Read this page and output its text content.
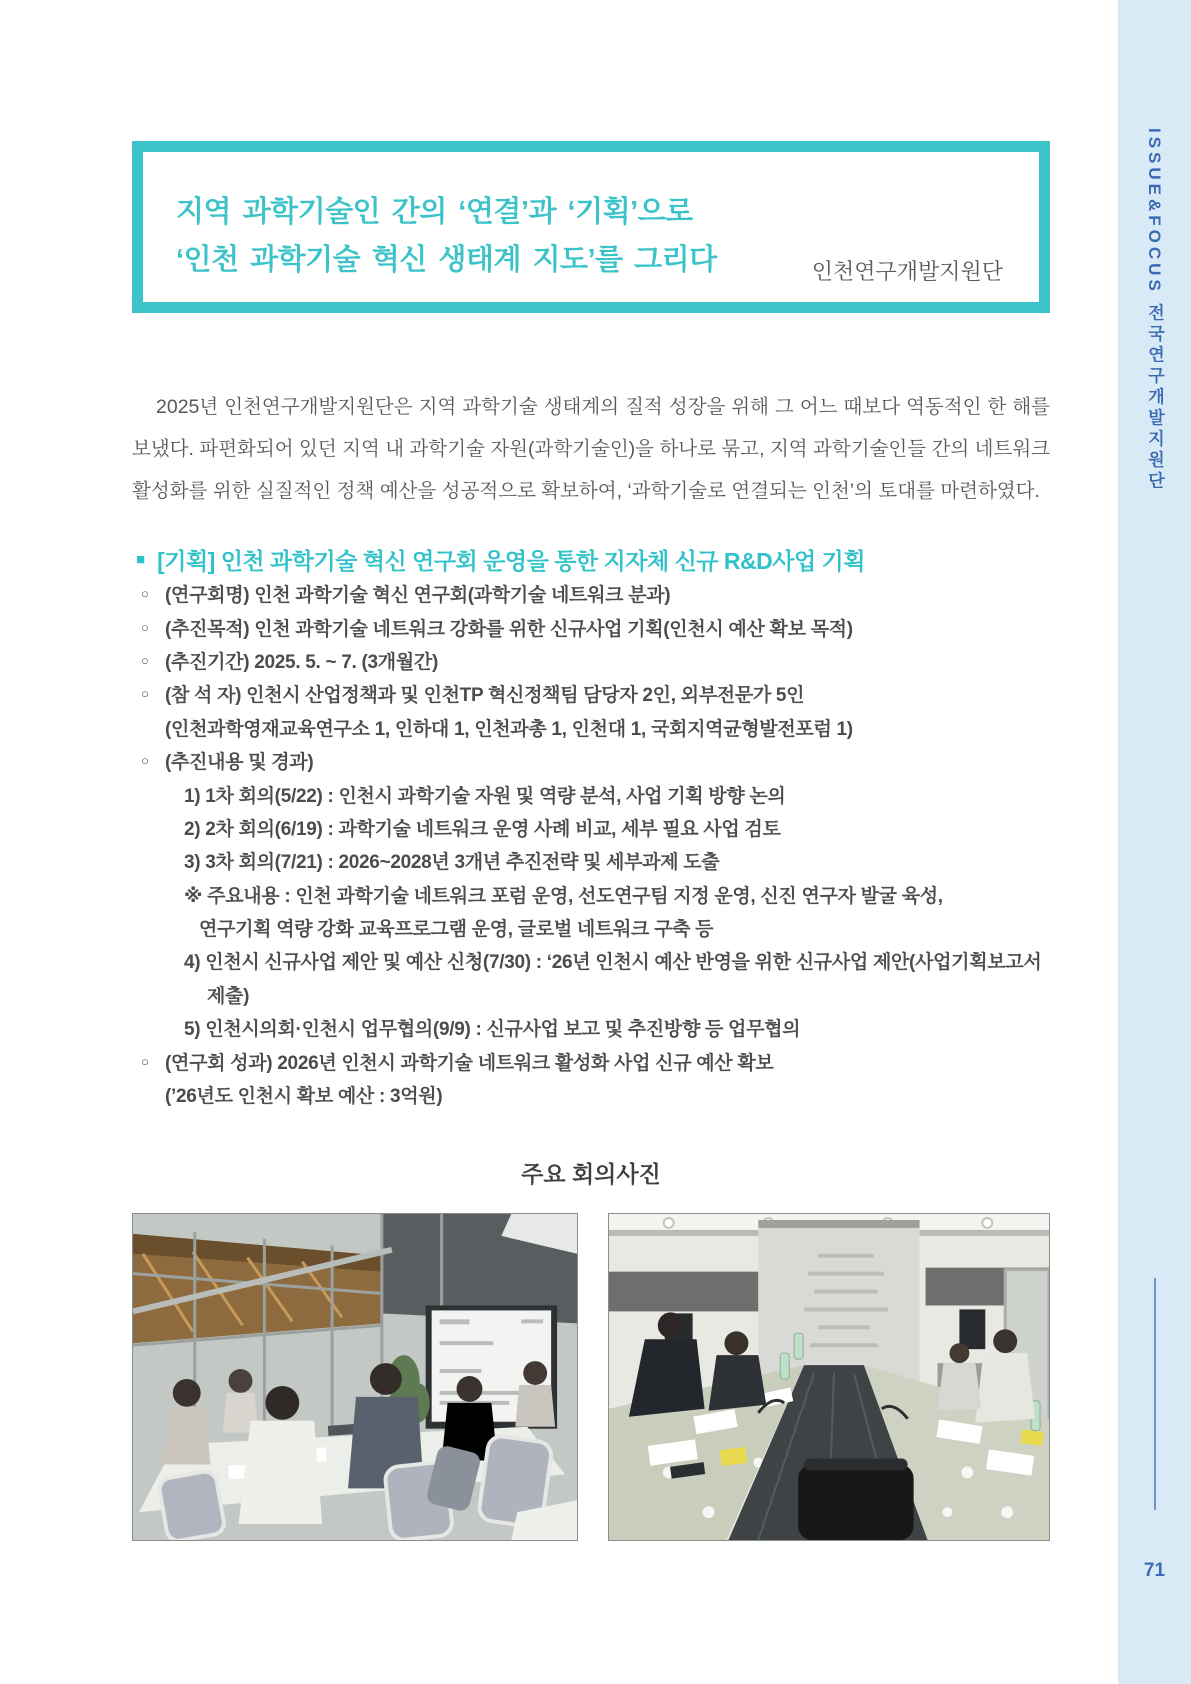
ISSUE&FOCUS 전국연구개발지원단
71
지역 과학기술인 간의 ‘연결’과 ‘기획’으로
‘인천 과학기술 혁신 생태계 지도’를 그리다	인천연구개발지원단

2025년 인천연구개발지원단은 지역 과학기술 생태계의 질적 성장을 위해 그 어느 때보다 역동적인 한 해를 보냈다. 파편화되어 있던 지역 내 과학기술 자원(과학기술인)을 하나로 묶고, 지역 과학기술인들 간의 네트워크 활성화를 위한 실질적인 정책 예산을 성공적으로 확보하여, ‘과학기술로 연결되는 인천’의 토대를 마련하였다.

■ [기획] 인천 과학기술 혁신 연구회 운영을 통한 지자체 신규 R&D사업 기획
○ (연구회명) 인천 과학기술 혁신 연구회(과학기술 네트워크 분과)
○ (추진목적) 인천 과학기술 네트워크 강화를 위한 신규사업 기획(인천시 예산 확보 목적)
○ (추진기간) 2025. 5. ~ 7. (3개월간)
○ (참 석 자) 인천시 산업정책과 및 인천TP 혁신정책팀 담당자 2인, 외부전문가 5인
(인천과학영재교육연구소 1, 인하대 1, 인천과총 1, 인천대 1, 국회지역균형발전포럼 1)
○ (추진내용 및 경과)
1) 1차 회의(5/22) : 인천시 과학기술 자원 및 역량 분석, 사업 기획 방향 논의
2) 2차 회의(6/19) : 과학기술 네트워크 운영 사례 비교, 세부 필요 사업 검토
3) 3차 회의(7/21) : 2026~2028년 3개년 추진전략 및 세부과제 도출
※ 주요내용 : 인천 과학기술 네트워크 포럼 운영, 선도연구팀 지정 운영, 신진 연구자 발굴 육성,
연구기획 역량 강화 교육프로그램 운영, 글로벌 네트워크 구축 등
4) 인천시 신규사업 제안 및 예산 신청(7/30) : ‘26년 인천시 예산 반영을 위한 신규사업 제안(사업기획보고서
제출)
5) 인천시의회·인천시 업무협의(9/9) : 신규사업 보고 및 추진방향 등 업무협의
○ (연구회 성과) 2026년 인천시 과학기술 네트워크 활성화 사업 신규 예산 확보
(’26년도 인천시 확보 예산 : 3억원)
주요 회의사진
